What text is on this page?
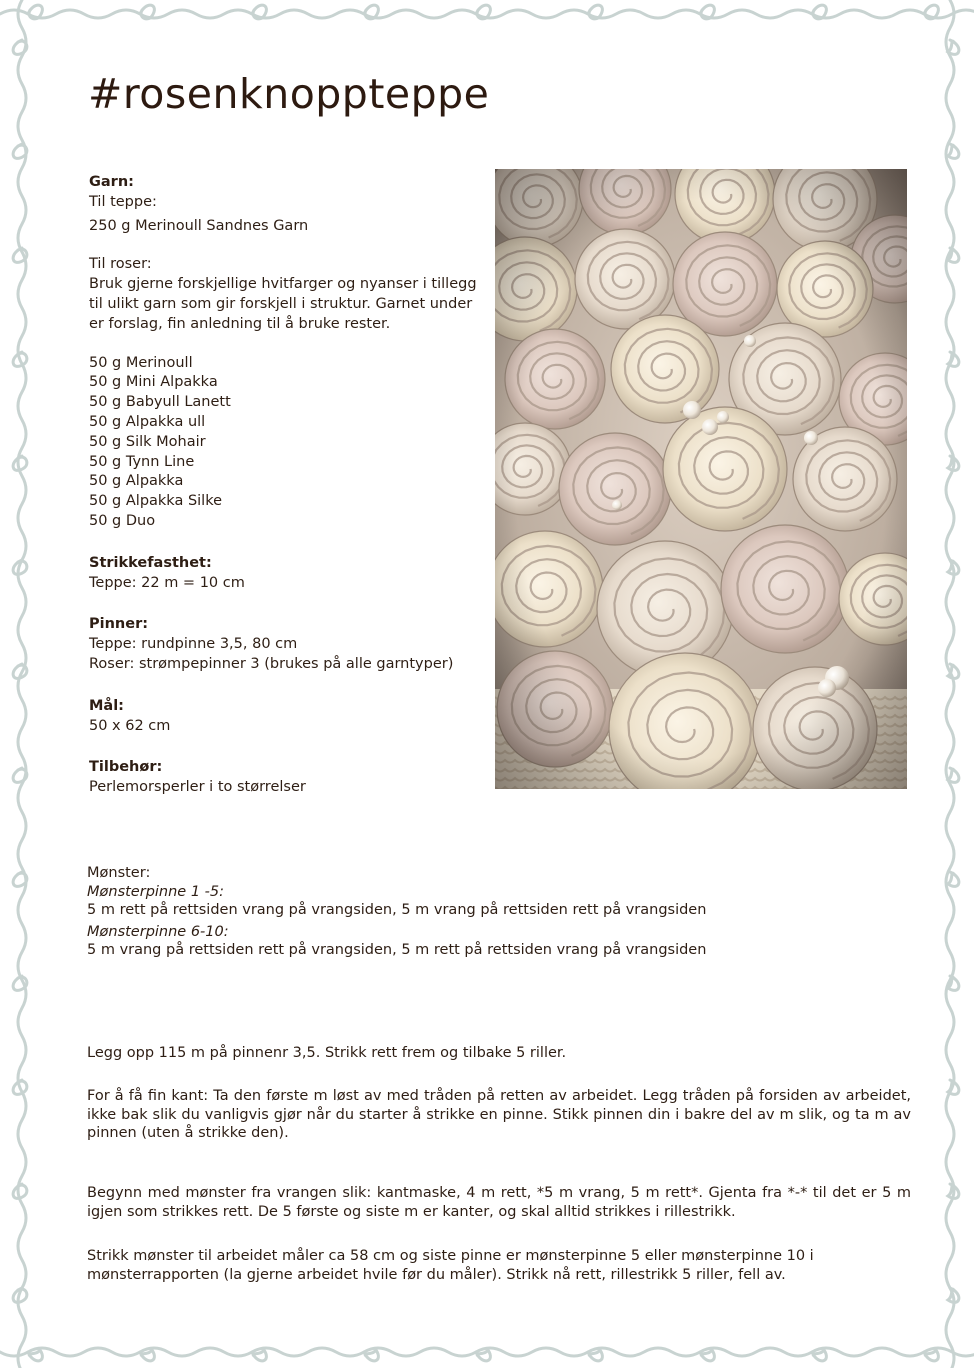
#rosenknoppteppe
Garn:
Til teppe:
250 g Merinoull Sandnes Garn
Til roser:
Bruk gjerne forskjellige hvitfarger og nyanser i tillegg til ulikt garn som gir forskjell i struktur. Garnet under er forslag, fin anledning til å bruke rester.
50 g Merinoull
50 g Mini Alpakka
50 g Babyull Lanett
50 g Alpakka ull
50 g Silk Mohair
50 g Tynn Line
50 g Alpakka
50 g Alpakka Silke
50 g Duo
Strikkefasthet:
Teppe: 22 m = 10 cm
Pinner:
Teppe: rundpinne 3,5, 80 cm
Roser: strømpepinner 3 (brukes på alle garntyper)
Mål:
50 x 62 cm
Tilbehør:
Perlemorsperler i to størrelser
Mønster:
Mønsterpinne 1 -5:
5 m rett på rettsiden vrang på vrangsiden, 5 m vrang på rettsiden rett på vrangsiden
Mønsterpinne 6-10:
5 m vrang på rettsiden rett på vrangsiden, 5 m rett på rettsiden vrang på vrangsiden
Legg opp 115 m på pinnenr 3,5. Strikk rett frem og tilbake 5 riller.
For å få fin kant: Ta den første m løst av med tråden på retten av arbeidet. Legg tråden på forsiden av arbeidet, ikke bak slik du vanligvis gjør når du starter å strikke en pinne. Stikk pinnen din i bakre del av m slik, og ta m av pinnen (uten å strikke den).
Begynn med mønster fra vrangen slik: kantmaske, 4 m rett, *5 m vrang, 5 m rett*. Gjenta fra *-* til det er 5 m igjen som strikkes rett. De 5 første og siste m er kanter, og skal alltid strikkes i rillestrikk.
Strikk mønster til arbeidet måler ca 58 cm og siste pinne er mønsterpinne 5 eller mønsterpinne 10 i mønsterrapporten (la gjerne arbeidet hvile før du måler). Strikk nå rett, rillestrikk 5 riller, fell av.
